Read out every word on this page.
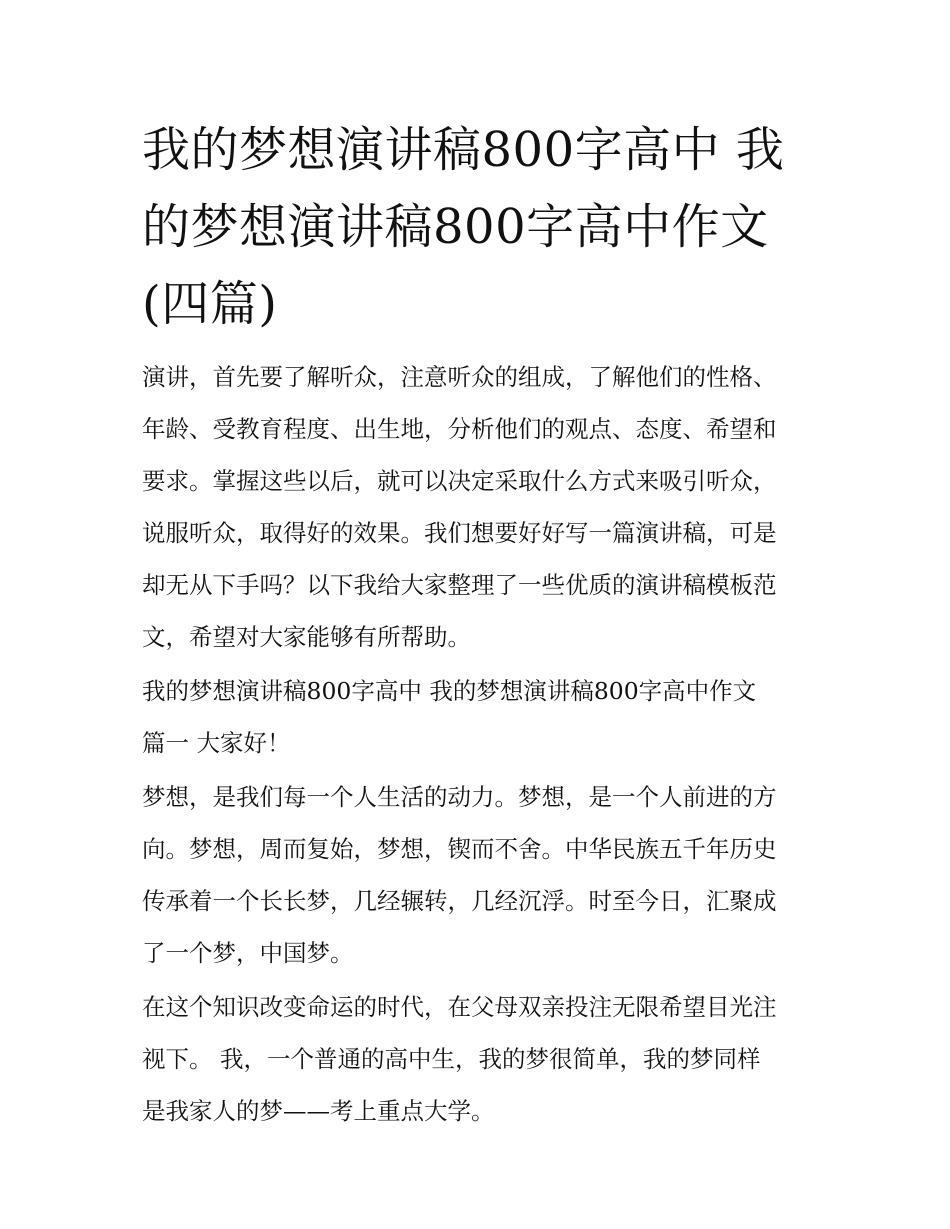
我的梦想演讲稿800字高中 我
的梦想演讲稿800字高中作文
(四篇)

演讲，首先要了解听众，注意听众的组成，了解他们的性格、
年龄、受教育程度、出生地，分析他们的观点、态度、希望和
要求。掌握这些以后，就可以决定采取什么方式来吸引听众，
说服听众，取得好的效果。我们想要好好写一篇演讲稿，可是
却无从下手吗？以下我给大家整理了一些优质的演讲稿模板范
文，希望对大家能够有所帮助。

我的梦想演讲稿800字高中 我的梦想演讲稿800字高中作文
篇一 大家好！

梦想，是我们每一个人生活的动力。梦想，是一个人前进的方
向。梦想，周而复始，梦想，锲而不舍。中华民族五千年历史
传承着一个长长梦，几经辗转，几经沉浮。时至今日，汇聚成
了一个梦，中国梦。

在这个知识改变命运的时代，在父母双亲投注无限希望目光注
视下。 我，一个普通的高中生，我的梦很简单，我的梦同样
是我家人的梦——考上重点大学。
